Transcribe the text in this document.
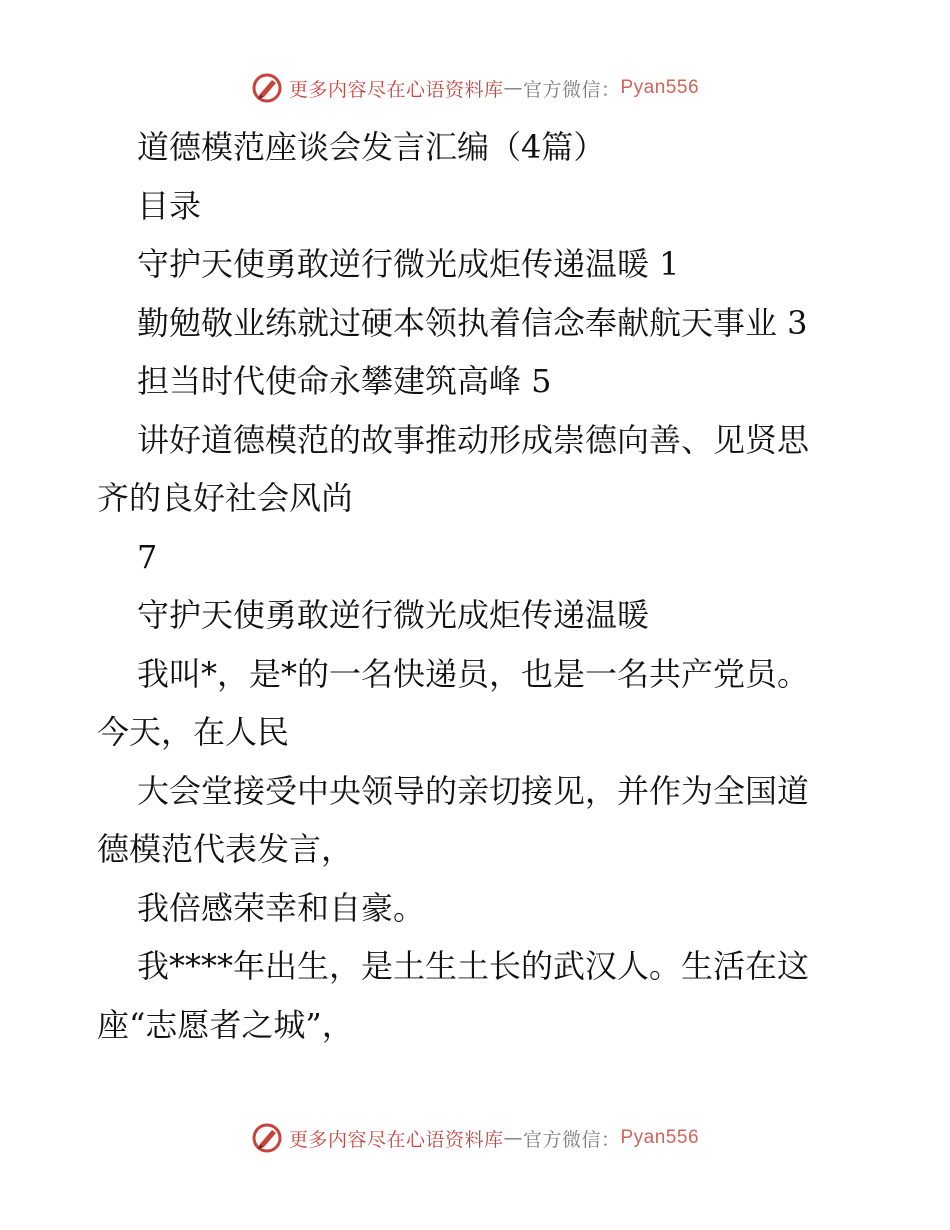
更多内容尽在心语资料库 — 官方微信： Pyan556
道德模范座谈会发言汇编（4篇）
目录
守护天使勇敢逆行微光成炬传递温暖 1
勤勉敬业练就过硬本领执着信念奉献航天事业 3
担当时代使命永攀建筑高峰 5
讲好道德模范的故事推动形成崇德向善、见贤思
齐的良好社会风尚
7
守护天使勇敢逆行微光成炬传递温暖
我叫*，是*的一名快递员，也是一名共产党员。
今天，在人民
大会堂接受中央领导的亲切接见，并作为全国道
德模范代表发言，
我倍感荣幸和自豪。
我****年出生，是土生土长的武汉人。生活在这
座“志愿者之城”，
更多内容尽在心语资料库 — 官方微信： Pyan556
